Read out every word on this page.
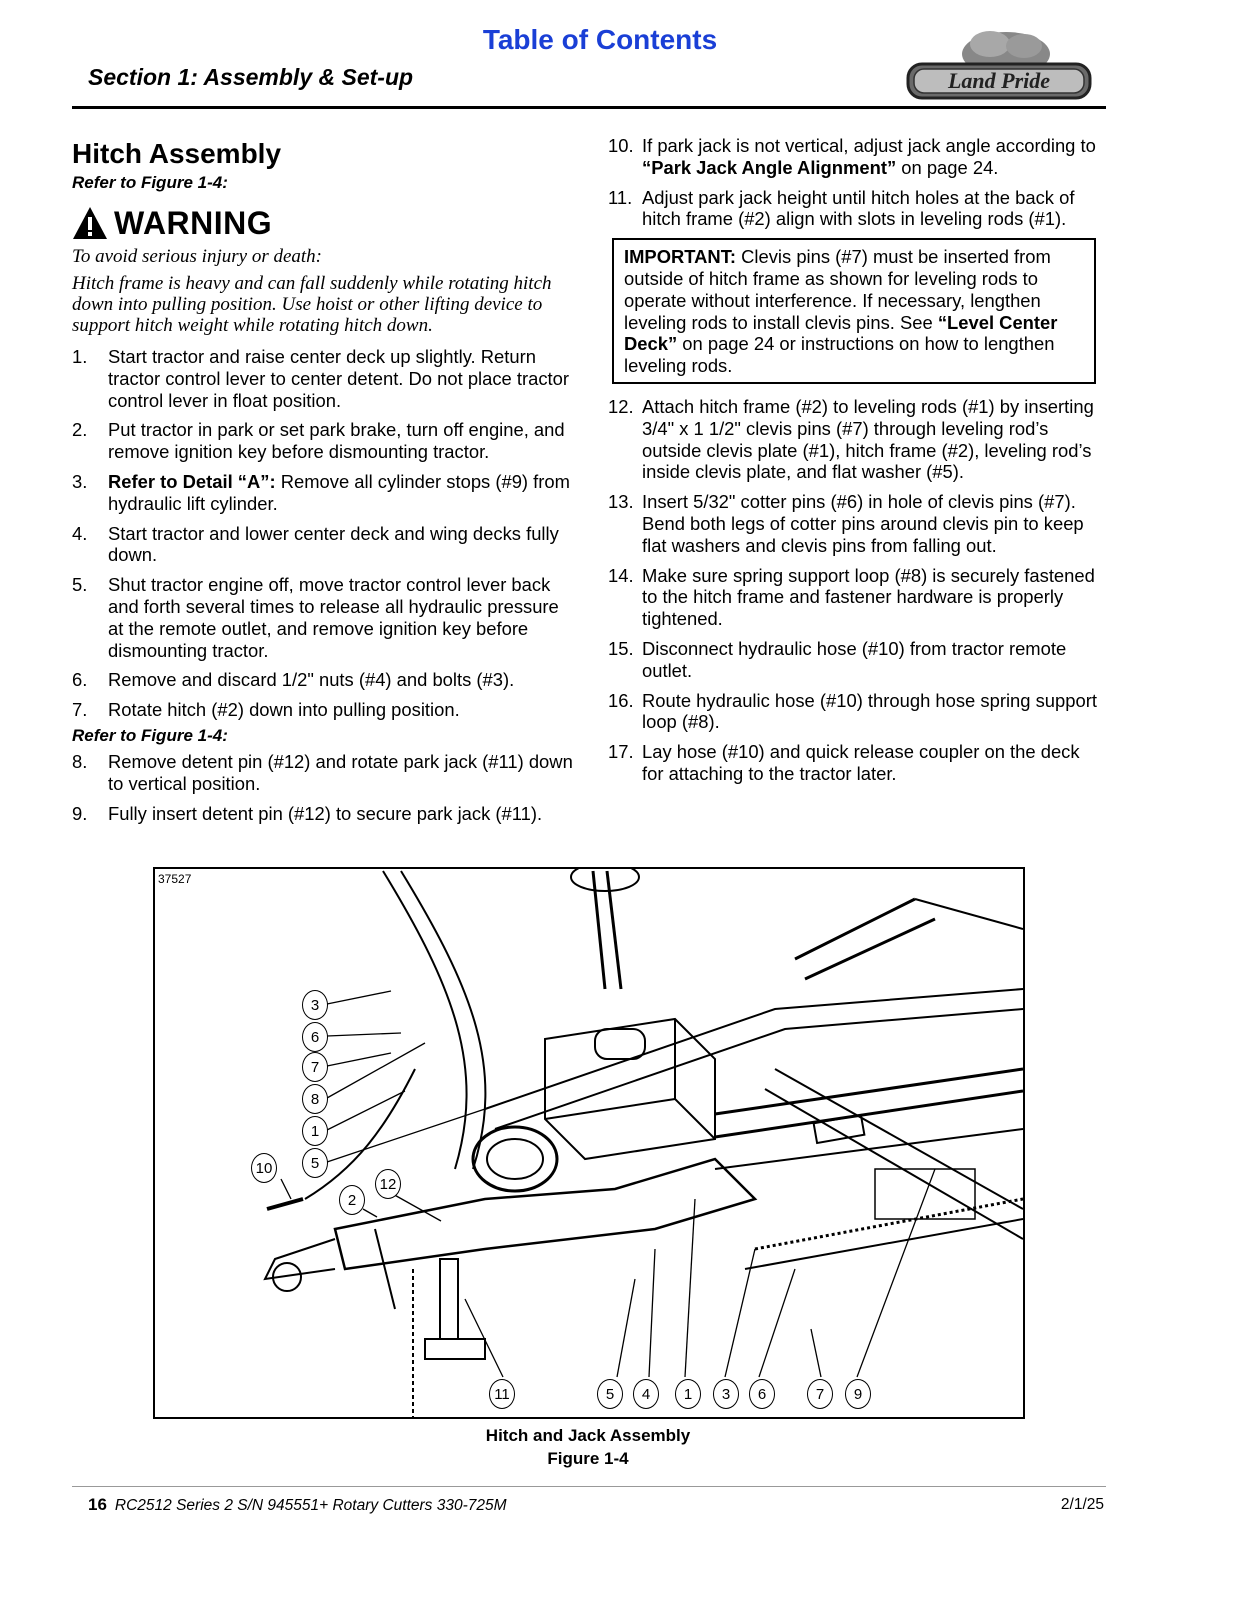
Table of Contents
Section 1: Assembly & Set-up	Land Pride
Hitch Assembly
Refer to Figure 1-4:
WARNING
To avoid serious injury or death:
Hitch frame is heavy and can fall suddenly while rotating hitch down into pulling position. Use hoist or other lifting device to support hitch weight while rotating hitch down.
1.	Start tractor and raise center deck up slightly. Return tractor control lever to center detent. Do not place tractor control lever in float position.
2.	Put tractor in park or set park brake, turn off engine, and remove ignition key before dismounting tractor.
3.	Refer to Detail “A”: Remove all cylinder stops (#9) from hydraulic lift cylinder.
4.	Start tractor and lower center deck and wing decks fully down.
5.	Shut tractor engine off, move tractor control lever back and forth several times to release all hydraulic pressure at the remote outlet, and remove ignition key before dismounting tractor.
6.	Remove and discard 1/2" nuts (#4) and bolts (#3).
7.	Rotate hitch (#2) down into pulling position.
Refer to Figure 1-4:
8.	Remove detent pin (#12) and rotate park jack (#11) down to vertical position.
9.	Fully insert detent pin (#12) to secure park jack (#11).
10. If park jack is not vertical, adjust jack angle according to “Park Jack Angle Alignment” on page 24.
11. Adjust park jack height until hitch holes at the back of hitch frame (#2) align with slots in leveling rods (#1).
IMPORTANT: Clevis pins (#7) must be inserted from outside of hitch frame as shown for leveling rods to operate without interference. If necessary, lengthen leveling rods to install clevis pins. See “Level Center Deck” on page 24 or instructions on how to lengthen leveling rods.
12. Attach hitch frame (#2) to leveling rods (#1) by inserting 3/4" x 1 1/2" clevis pins (#7) through leveling rod’s outside clevis plate (#1), hitch frame (#2), leveling rod’s inside clevis plate, and flat washer (#5).
13. Insert 5/32" cotter pins (#6) in hole of clevis pins (#7). Bend both legs of cotter pins around clevis pin to keep flat washers and clevis pins from falling out.
14. Make sure spring support loop (#8) is securely fastened to the hitch frame and fastener hardware is properly tightened.
15. Disconnect hydraulic hose (#10) from tractor remote outlet.
16. Route hydraulic hose (#10) through hose spring support loop (#8).
17. Lay hose (#10) and quick release coupler on the deck for attaching to the tractor later.
3
6
7
8
1
5
10
2
12
11	5	4	1	3	6	7	9
37527
Hitch and Jack Assembly
Figure 1-4
16 RC2512 Series 2 S/N 945551+ Rotary Cutters 330-725M	2/1/25
